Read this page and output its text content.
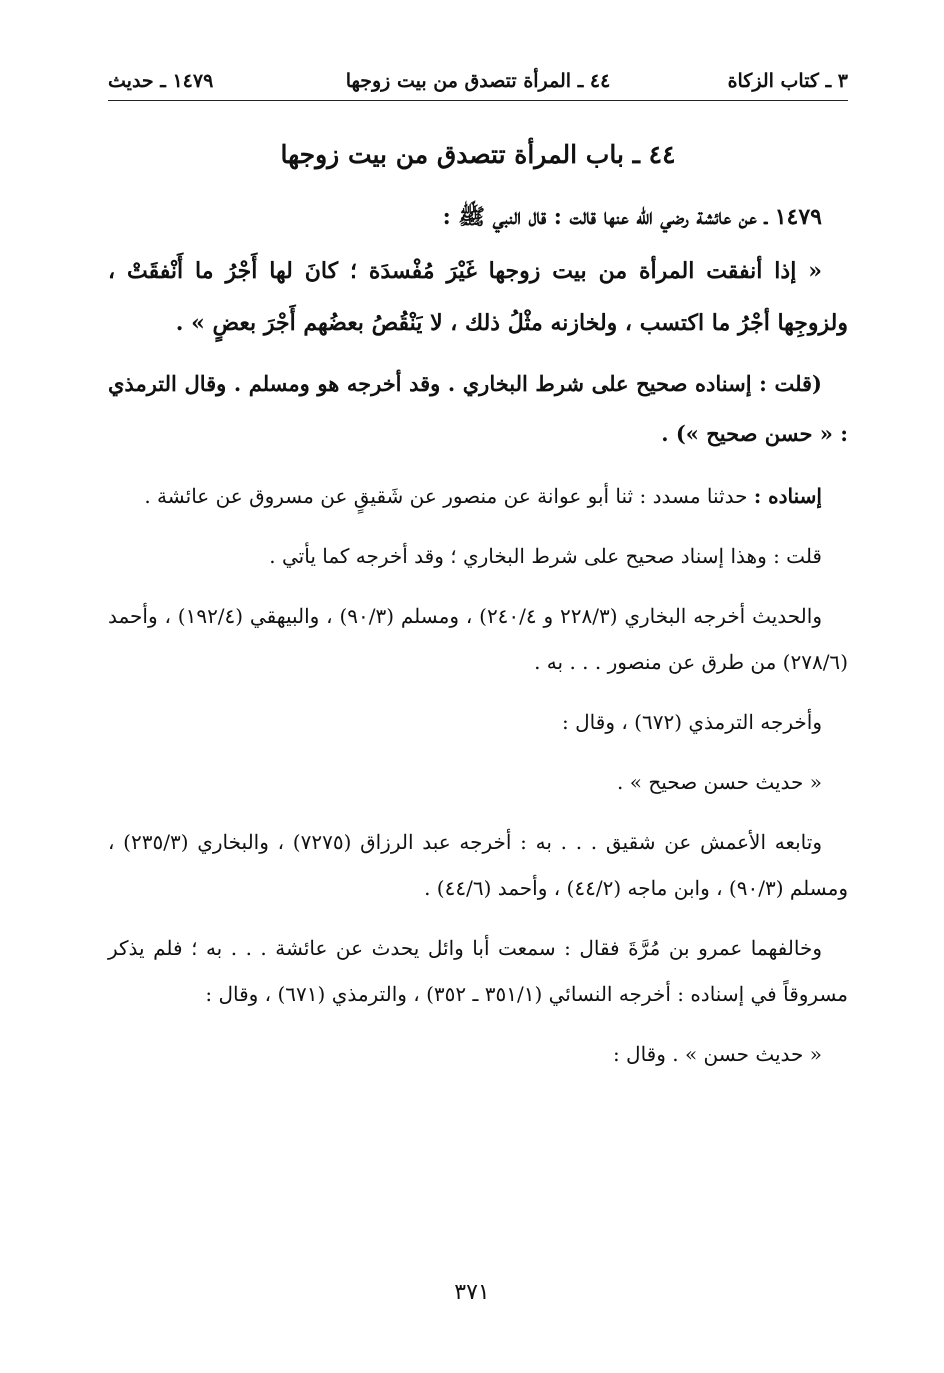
٣ ـ كتاب الزكاة
٤٤ ـ المرأة تتصدق من بيت زوجها
١٤٧٩ ـ حديث
٤٤ ـ باب المرأة تتصدق من بيت زوجها
١٤٧٩ ـ عن عائشة رضي الله عنها قالت : قال النبي ﷺ :
« إذا أنفقت المرأة من بيت زوجها غَيْرَ مُفْسدَة ؛ كانَ لها أَجْرُ ما أَنْفقَتْ ، ولزوجِها أجْرُ ما اكتسب ، ولخازنه مثْلُ ذلك ، لا يَنْقُصُ بعضُهم أَجْرَ بعضٍ » .
(قلت : إسناده صحيح على شرط البخاري . وقد أخرجه هو ومسلم . وقال الترمذي : « حسن صحيح ») .
إسناده : حدثنا مسدد : ثنا أبو عوانة عن منصور عن شَقيقٍ عن مسروق عن عائشة .
قلت : وهذا إسناد صحيح على شرط البخاري ؛ وقد أخرجه كما يأتي .
والحديث أخرجه البخاري (٢٢٨/٣ و ٢٤٠/٤) ، ومسلم (٩٠/٣) ، والبيهقي (١٩٢/٤) ، وأحمد (٢٧٨/٦) من طرق عن منصور . . . به .
وأخرجه الترمذي (٦٧٢) ، وقال :
« حديث حسن صحيح » .
وتابعه الأعمش عن شقيق . . . به : أخرجه عبد الرزاق (٧٢٧٥) ، والبخاري (٢٣٥/٣) ، ومسلم (٩٠/٣) ، وابن ماجه (٤٤/٢) ، وأحمد (٤٤/٦) .
وخالفهما عمرو بن مُرَّةَ فقال : سمعت أبا وائل يحدث عن عائشة . . . به ؛ فلم يذكر مسروقاً في إسناده : أخرجه النسائي (٣٥١/١ ـ ٣٥٢) ، والترمذي (٦٧١) ، وقال :
« حديث حسن » . وقال :
٣٧١
